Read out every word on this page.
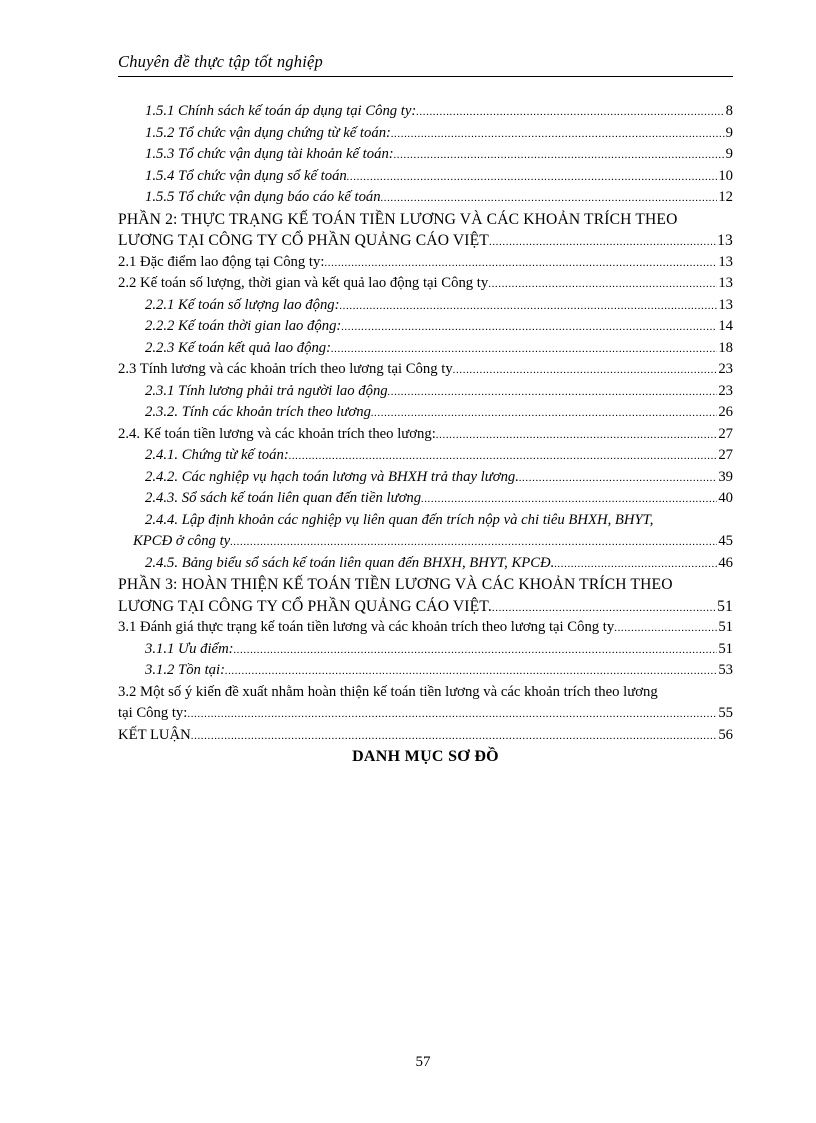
Chuyên đề thực tập tốt nghiệp
1.5.1 Chính sách kế toán áp dụng tại Công ty: .....	8
1.5.2 Tổ chức vận dụng chứng từ kế toán: .....	9
1.5.3 Tổ chức vận dụng tài khoản kế toán: .....	9
1.5.4 Tổ chức vận dụng sổ kế toán .....	10
1.5.5 Tổ chức vận dụng báo cáo kế toán .....	12
PHẦN 2: THỰC TRẠNG KẾ TOÁN TIỀN LƯƠNG VÀ CÁC KHOẢN TRÍCH THEO
LƯƠNG TẠI CÔNG TY CỔ PHẦN QUẢNG CÁO VIỆT .....	13
2.1 Đặc điểm lao động tại Công ty: .....	13
2.2 Kế toán số lượng, thời gian và kết quả lao động tại Công ty .....	13
2.2.1 Kế toán số lượng lao động: .....	13
2.2.2 Kế toán thời gian lao động: .....	14
2.2.3 Kế toán kết quả lao động: .....	18
2.3 Tính lương và các khoản trích theo lương tại Công ty .....	23
2.3.1 Tính lương phải trả người lao động .....	23
2.3.2. Tính các khoản trích theo lương .....	26
2.4. Kế toán tiền lương và các khoản trích theo lương: .....	27
2.4.1. Chứng từ kế toán: .....	27
2.4.2. Các nghiệp vụ hạch toán lương và BHXH trả thay lương. .....	39
2.4.3. Sổ sách kế toán liên quan đến tiền lương .....	40
2.4.4. Lập định khoản các nghiệp vụ liên quan đến trích nộp và chi tiêu BHXH, BHYT,
KPCĐ ở công ty .....	45
2.4.5. Bảng biểu sổ sách kế toán liên quan đến BHXH, BHYT, KPCĐ. .....	46
PHẦN 3: HOÀN THIỆN KẾ TOÁN TIỀN LƯƠNG VÀ CÁC KHOẢN TRÍCH THEO
LƯƠNG TẠI CÔNG TY CỔ PHẦN QUẢNG CÁO VIỆT. .....	51
3.1 Đánh giá thực trạng kế toán tiền lương và các khoản trích theo lương tại Công ty .....	51
3.1.1 Ưu điểm: .....	51
3.1.2 Tồn tại: .....	53
3.2 Một số ý kiến đề xuất nhằm hoàn thiện kế toán tiền lương và các khoản trích theo lương
tại Công ty: .....	55
KẾT LUẬN .....	56
DANH MỤC SƠ ĐỒ
57
